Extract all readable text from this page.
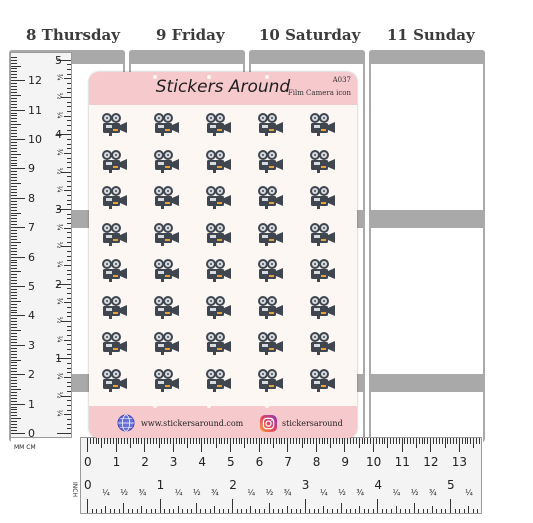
8 Thursday 9 Friday 10 Saturday 11 Sunday
MM CM
12
11
10
9
8
7
6
5
4
3
2
1
0
5
4
3
2
1
¾
½
¼
¾
½
¼
¾
½
¼
¾
½
¼
¾
½
¼
INCH
0 1 2 3 4 5 6 7 8 9 10 11 12 13
0	1	2	3	4	5
¼ ½ ¾	¼ ½ ¾	¼ ½ ¾	¼ ½ ¾	¼ ½ ¾	¼
Stickers Around	A037
Film Camera icon
www.stickersaround.com	stickersaround
